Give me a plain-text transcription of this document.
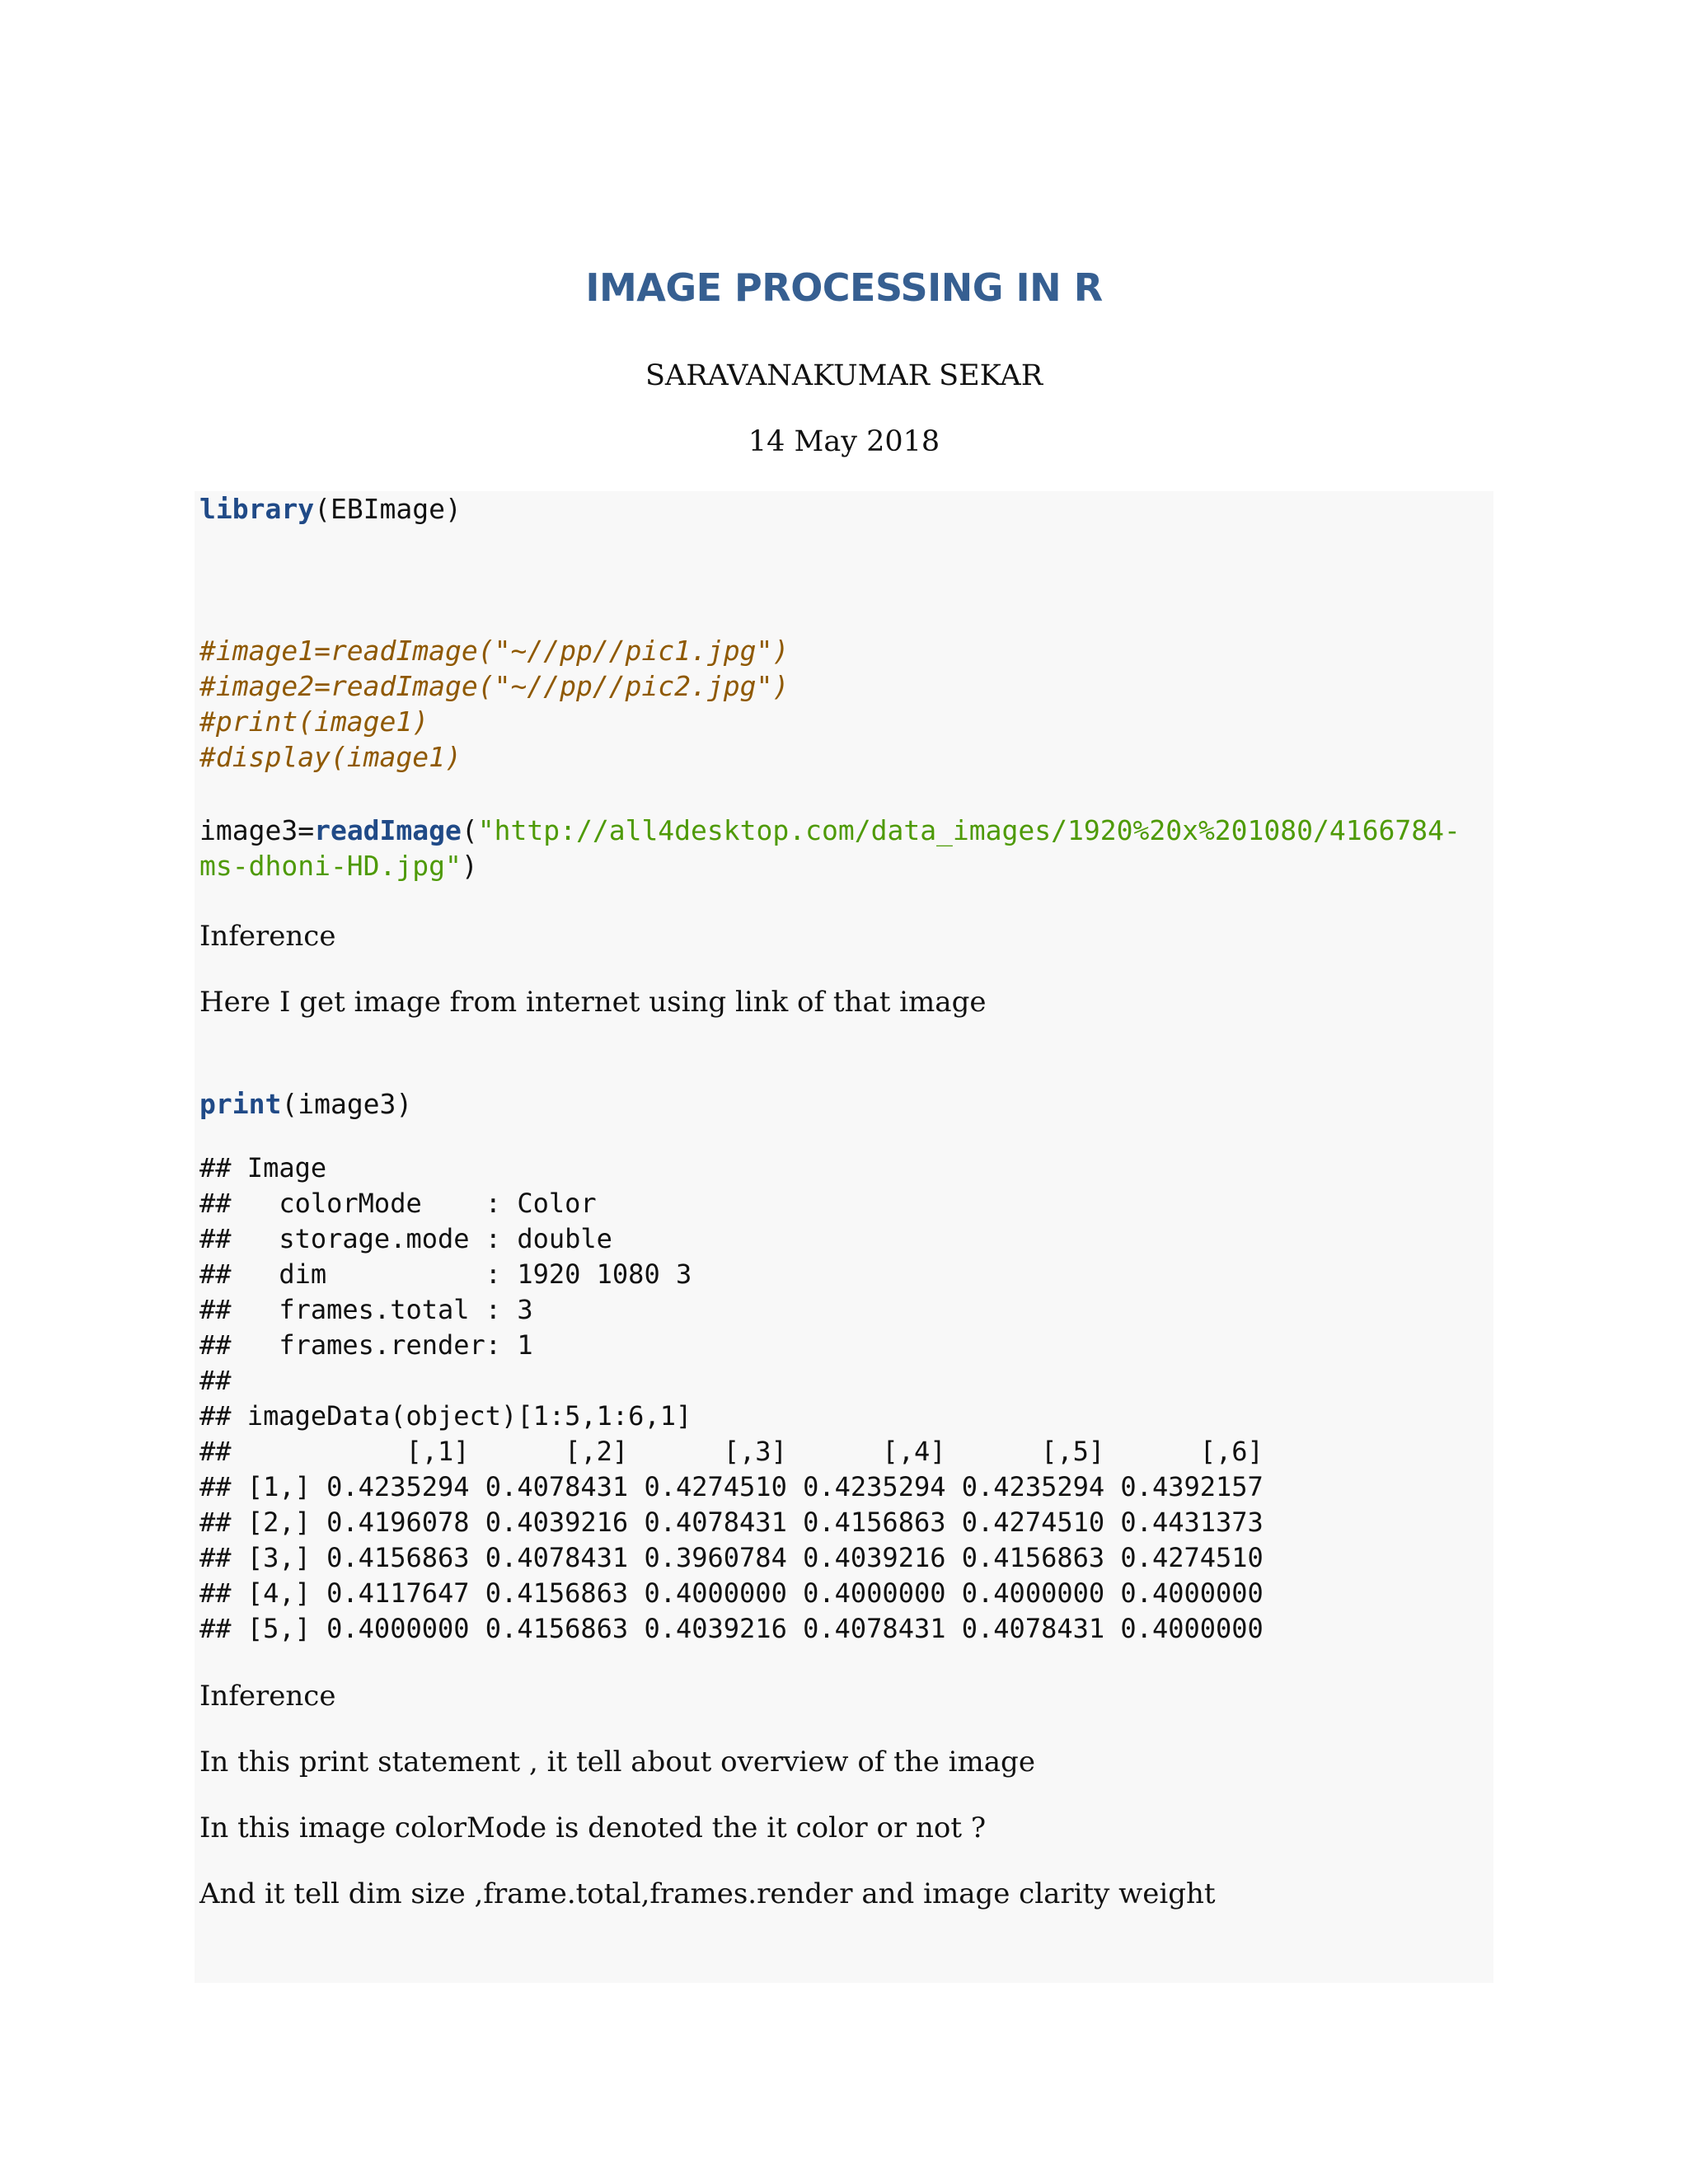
IMAGE PROCESSING IN R
SARAVANAKUMAR SEKAR
14 May 2018
library(EBImage)
#image1=readImage("~//pp//pic1.jpg")
#image2=readImage("~//pp//pic2.jpg")
#print(image1)
#display(image1)
image3=readImage("http://all4desktop.com/data_images/1920%20x%201080/4166784-
ms-dhoni-HD.jpg")

Inference

Here I get image from internet using link of that image

print(image3)
## Image
##   colorMode    : Color
##   storage.mode : double
##   dim          : 1920 1080 3
##   frames.total : 3
##   frames.render: 1
##
## imageData(object)[1:5,1:6,1]
##           [,1]      [,2]      [,3]      [,4]      [,5]      [,6]
## [1,] 0.4235294 0.4078431 0.4274510 0.4235294 0.4235294 0.4392157
## [2,] 0.4196078 0.4039216 0.4078431 0.4156863 0.4274510 0.4431373
## [3,] 0.4156863 0.4078431 0.3960784 0.4039216 0.4156863 0.4274510
## [4,] 0.4117647 0.4156863 0.4000000 0.4000000 0.4000000 0.4000000
## [5,] 0.4000000 0.4156863 0.4039216 0.4078431 0.4078431 0.4000000

Inference

In this print statement , it tell about overview of the image

In this image colorMode is denoted the it color or not ?

And it tell dim size ,frame.total,frames.render and image clarity weight
